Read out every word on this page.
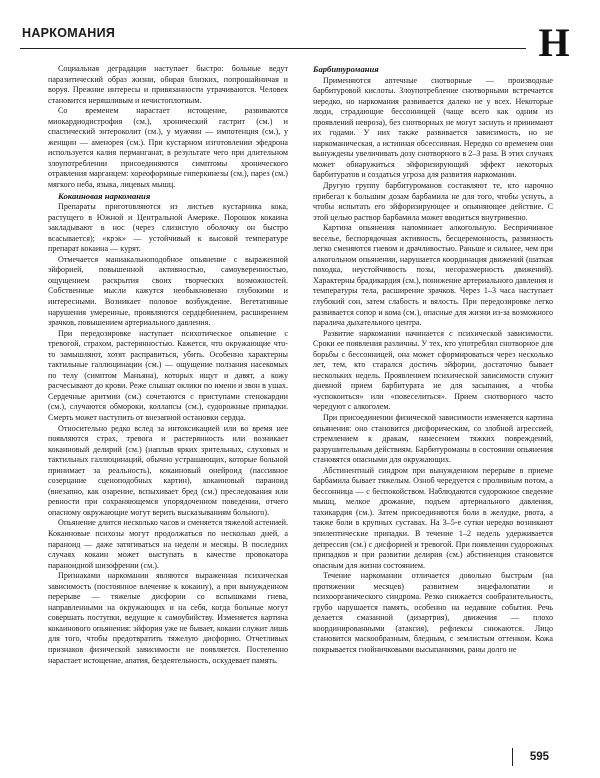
НАРКОМАНИЯ	Н

Социальная деградация наступает быстро: больные ведут паразитический образ жизни, обирая близких, попрошайничая и воруя. Прежние интересы и привязанности утрачиваются. Человек становится неряшливым и нечистоплотным.

Со временем нарастает истощение, развиваются миокардиодистрофия (см.), хронический гастрит (см.) и спастический энтероколит (см.), у мужчин — импотенция (см.), у женщин — аменорея (см.). При кустарном изготовлении эфедрона используется калия перманганат, в результате чего при длительном злоупотреблении присоединяются симптомы хронического отравления марганцем: хореоформные гиперкинезы (см.), парез (см.) мягкого неба, языка, лицевых мышц.

Кокаиновая наркомания

Препараты приготовляются из листьев кустарника кока, растущего в Южной и Центральной Америке. Порошок кокаина закладывают в нос (через слизистую оболочку он быстро всасывается); «крэк» — устойчивый к высокой температуре препарат кокаина — курят.

Отмечается маниакальноподобное опьянение с выраженной эйфорией, повышенной активностью, самоуверенностью, ощущением раскрытия своих творческих возможностей. Собственные мысли кажутся необыкновенно глубокими и интересными. Возникает половое возбуждение. Вегетативные нарушения умеренные, проявляются сердцебиением, расширением зрачков, повышением артериального давления.

При передозировке наступает психотическое опьянение с тревогой, страхом, растерянностью. Кажется, что окружающие что-то замышляют, хотят расправиться, убить. Особенно характерны тактильные галлюцинации (см.) — ощущение ползания насекомых по телу (симптом Маньяна), которых ищут и давят, а кожу расчесывают до крови. Реже слышат оклики по имени и звон в ушах. Сердечные аритмии (см.) сочетаются с приступами стенокардии (см.), случаются обмороки, коллапсы (см.), судорожные припадки. Смерть может наступить от внезапной остановки сердца.

Относительно редко вслед за интоксикацией или во время нее появляются страх, тревога и растерянность или возникает кокаиновый делирий (см.) (наплыв ярких зрительных, слуховых и тактильных галлюцинаций, обычно устрашающих, которые больной принимает за реальность), кокаиновый онейроид (пассивное созерцание сценоподобных картин), кокаиновый параноид (внезапно, как озарение, вспыхивает бред (см.) преследования или ревности при сохраняющемся упорядоченном поведении, отчего опасному окружающие могут верить высказываниям больного).

Опьянение длится несколько часов и сменяется тяжелой астенией. Кокаиновые психозы могут продолжаться по несколько дней, а параноид — даже затягиваться на недели и месяцы. В последних случаях кокаин может выступать в качестве провокатора параноидной шизофрении (см.).

Признаками наркомании являются выраженная психическая зависимость (постоянное влечение к кокаину), а при вынужденном перерыве — тяжелые дисфории со вспышками гнева, направленными на окружающих и на себя, когда больные могут совершать поступки, ведущие к самоубийству. Изменяется картина кокаинового опьянения: эйфория уже не бывает, кокаин служит лишь для того, чтобы предотвратить тяжелую дисфорию. Отчетливых признаков физической зависимости не появляется. Постепенно нарастает истощение, апатия, бездеятельность, оскудевает память.

Барбитуромания

Применяются аптечные снотворные — производные барбитуровой кислоты. Злоупотребление снотворными встречается нередко, но наркомания развивается далеко не у всех. Некоторые люди, страдающие бессонницей (чаще всего как одним из проявлений невроза), без снотворных не могут заснуть и принимают их годами. У них также развивается зависимость, но не наркоманическая, а истинная обсессивная. Нередко со временем они вынуждены увеличивать дозу снотворного в 2–3 раза. В этих случаях может обнаружиться эйфоризирующий эффект некоторых барбитуратов и создаться угроза для развития наркомании.

Другую группу барбитуроманов составляют те, кто нарочно прибегал к большим дозам барбамила не для того, чтобы уснуть, а чтобы испытать его эйфоризирующее и опьяняющее действие. С этой целью раствор барбамила может вводиться внутривенно.

Картина опьянения напоминает алкогольную. Беспричинное веселье, беспорядочная активность, бесцеремонность, развязность легко сменяются гневом и драчливостью. Раньше и сильнее, чем при алкогольном опьянении, нарушается координация движений (шаткая походка, неустойчивость позы, несоразмерность движений). Характерны брадикардия (см.), понижение артериального давления и температуры тела, расширение зрачков. Через 1–3 часа наступает глубокий сон, затем слабость и вялость. При передозировке легко развивается сопор и кома (см.), опасные для жизни из-за возможного паралича дыхательного центра.

Развитие наркомании начинается с психической зависимости. Сроки ее появления различны. У тех, кто употреблял снотворное для борьбы с бессонницей, она может сформироваться через несколько лет, тем, кто старался достичь эйфории, достаточно бывает нескольких недель. Проявлением психической зависимости служит дневной прием барбитурата не для засыпания, а чтобы «успокоиться» или «повеселиться». Прием снотворного часто чередуют с алкоголем.

При присоединении физической зависимости изменяется картина опьянения: оно становится дисфорическим, со злобной агрессией, стремлением к дракам, нанесением тяжких повреждений, разрушительным действиям. Барбитуроманы в состоянии опьянения становятся опасными для окружающих.

Абстинентный синдром при вынужденном перерыве в приеме барбамила бывает тяжелым. Озноб чередуется с проливным потом, а бессонница — с беспокойством. Наблюдаются судорожное сведение мышц, мелкое дрожание, подъем артериального давления, тахикардия (см.). Затем присоединяются боли в желудке, рвота, а также боли в крупных суставах. На 3–5-е сутки нередко возникают эпилептические припадки. В течение 1–2 недель удерживается депрессия (см.) с дисфорией и тревогой. При появлении судорожных припадков и при развитии делирия (см.) абстиненция становится опасным для жизни состоянием.

Течение наркомании отличается довольно быстрым (на протяжении месяцев) развитием энцефалопатии и психоорганического синдрома. Резко снижается сообразительность, грубо нарушается память, особенно на недавние события. Речь делается смазанной (дизартрия), движения — плохо координированными (атаксия), рефлексы снижаются. Лицо становится маскообразным, бледным, с землистым оттенком. Кожа покрывается гнойничковыми высыпаниями, раны долго не

595
